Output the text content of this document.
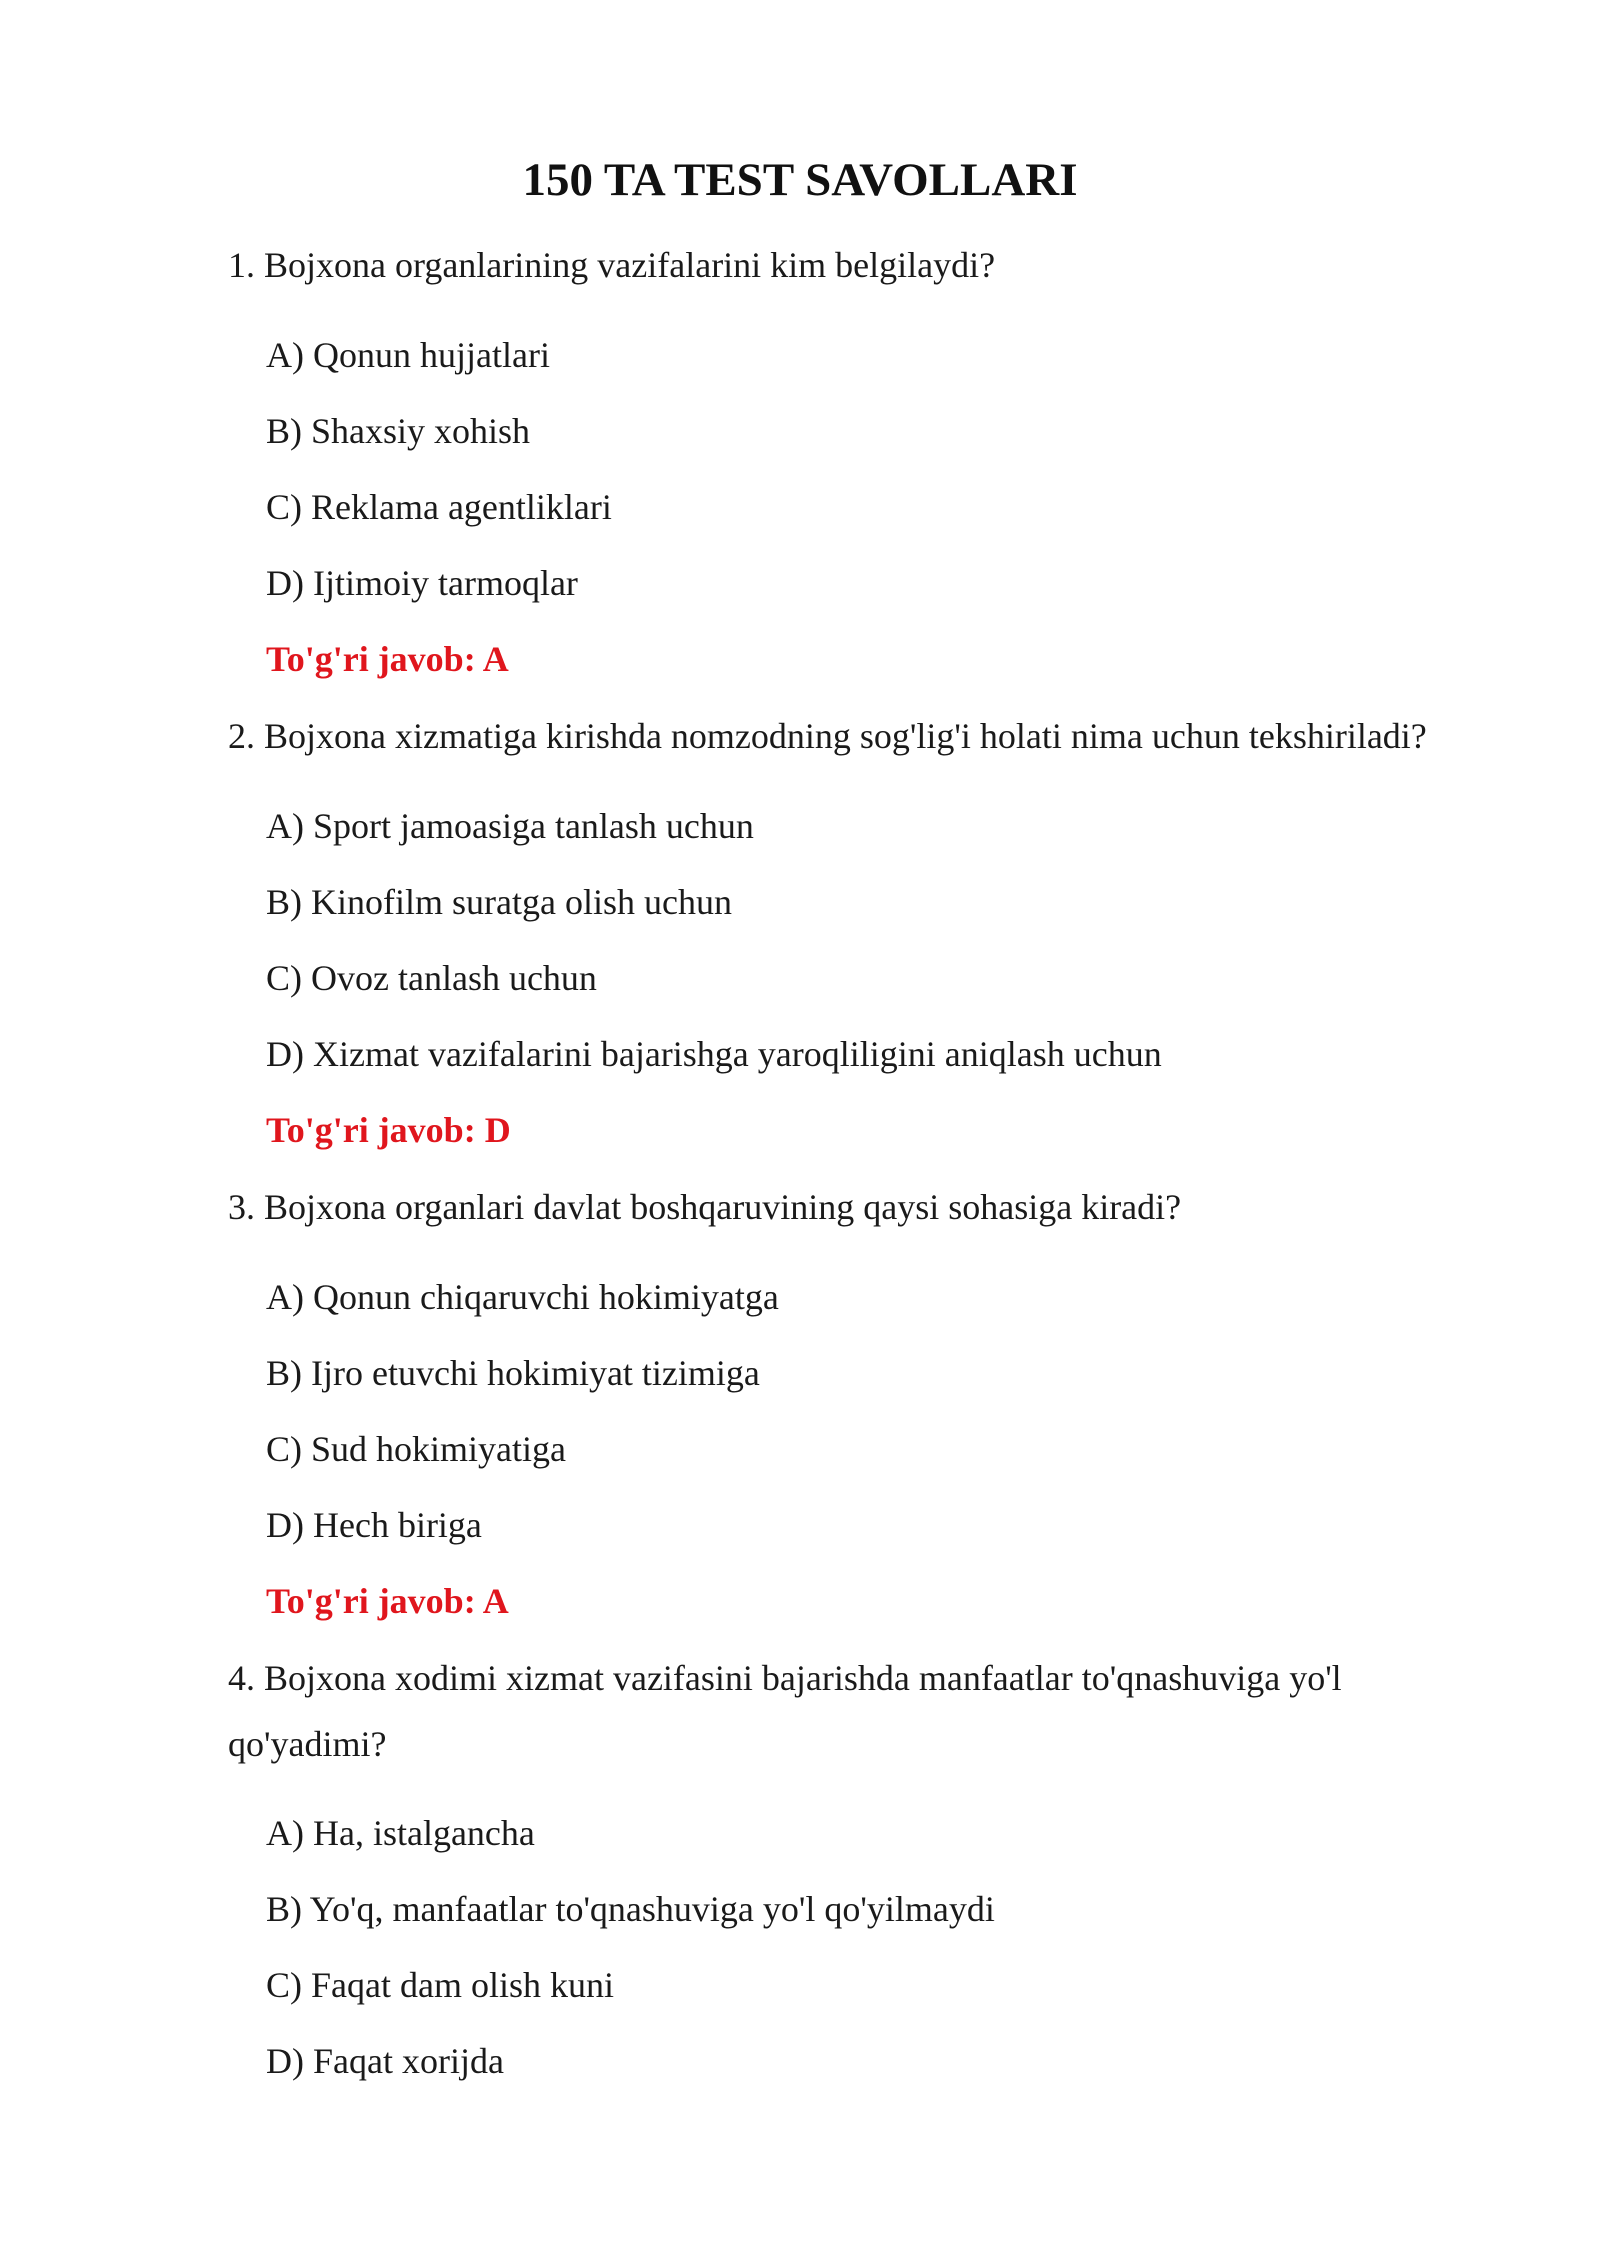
150 TA TEST SAVOLLARI

1. Bojxona organlarining vazifalarini kim belgilaydi?

A) Qonun hujjatlari

B) Shaxsiy xohish

C) Reklama agentliklari

D) Ijtimoiy tarmoqlar

To'g'ri javob: A

2. Bojxona xizmatiga kirishda nomzodning sog'lig'i holati nima uchun tekshiriladi?

A) Sport jamoasiga tanlash uchun

B) Kinofilm suratga olish uchun

C) Ovoz tanlash uchun

D) Xizmat vazifalarini bajarishga yaroqliligini aniqlash uchun

To'g'ri javob: D

3. Bojxona organlari davlat boshqaruvining qaysi sohasiga kiradi?

A) Qonun chiqaruvchi hokimiyatga

B) Ijro etuvchi hokimiyat tizimiga

C) Sud hokimiyatiga

D) Hech biriga

To'g'ri javob: A

4. Bojxona xodimi xizmat vazifasini bajarishda manfaatlar to'qnashuviga yo'l qo'yadimi?

A) Ha, istalgancha

B) Yo'q, manfaatlar to'qnashuviga yo'l qo'yilmaydi

C) Faqat dam olish kuni

D) Faqat xorijda
